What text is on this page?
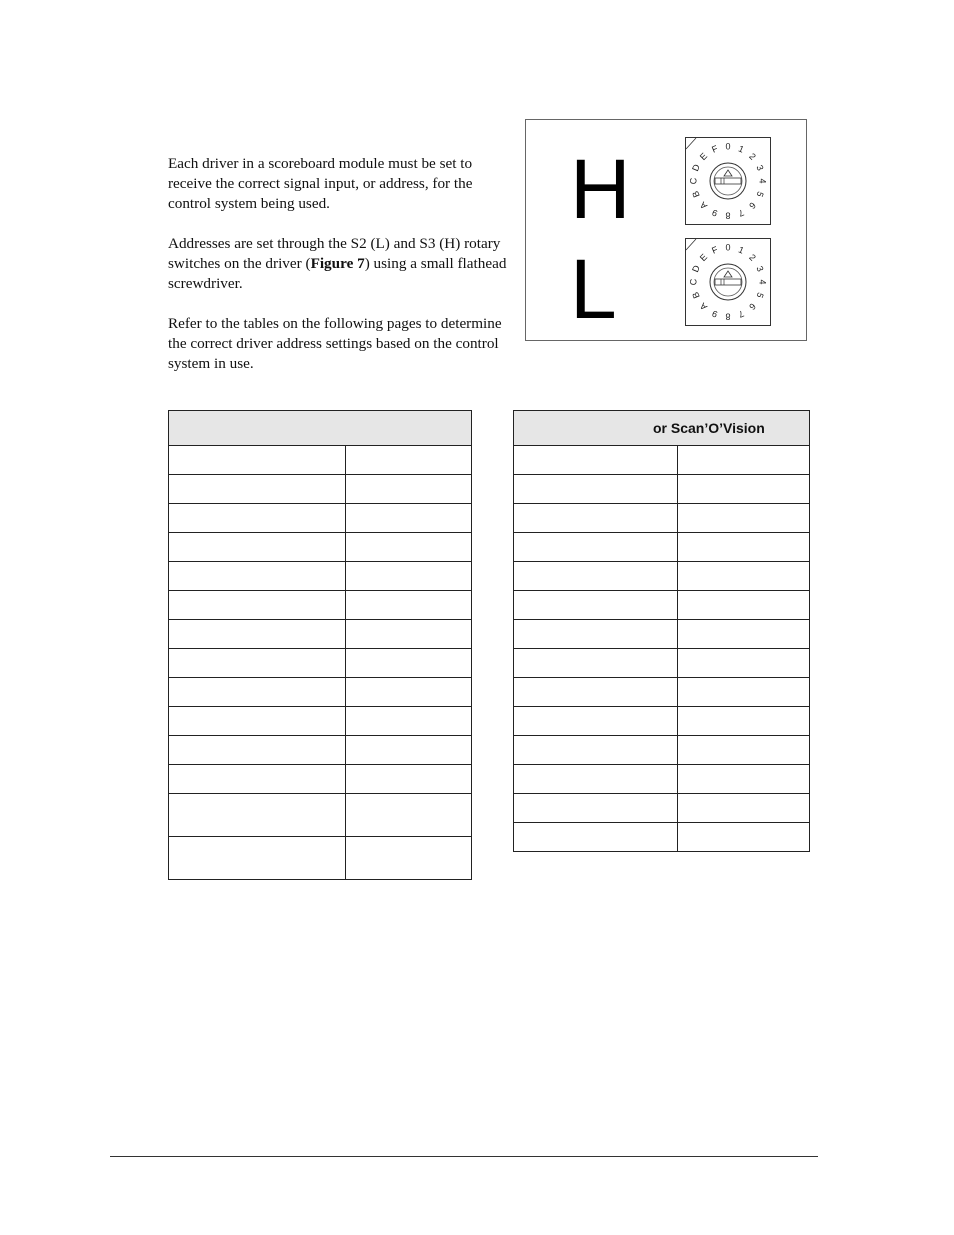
Each driver in a scoreboard module must be set to receive the correct signal input, or address, for the control system being used.

Addresses are set through the S2 (L) and S3 (H) rotary switches on the driver (Figure 7) using a small flathead screwdriver.

Refer to the tables on the following pages to determine the correct driver address settings based on the control system in use.

H
L
0 1
2
3
4
5
6
7
8
9
A
B
C
D
E
F
0 1
2
3
4
5
6
7
8
9
A
B
C
D
E
F

or Scan’O’Vision	
